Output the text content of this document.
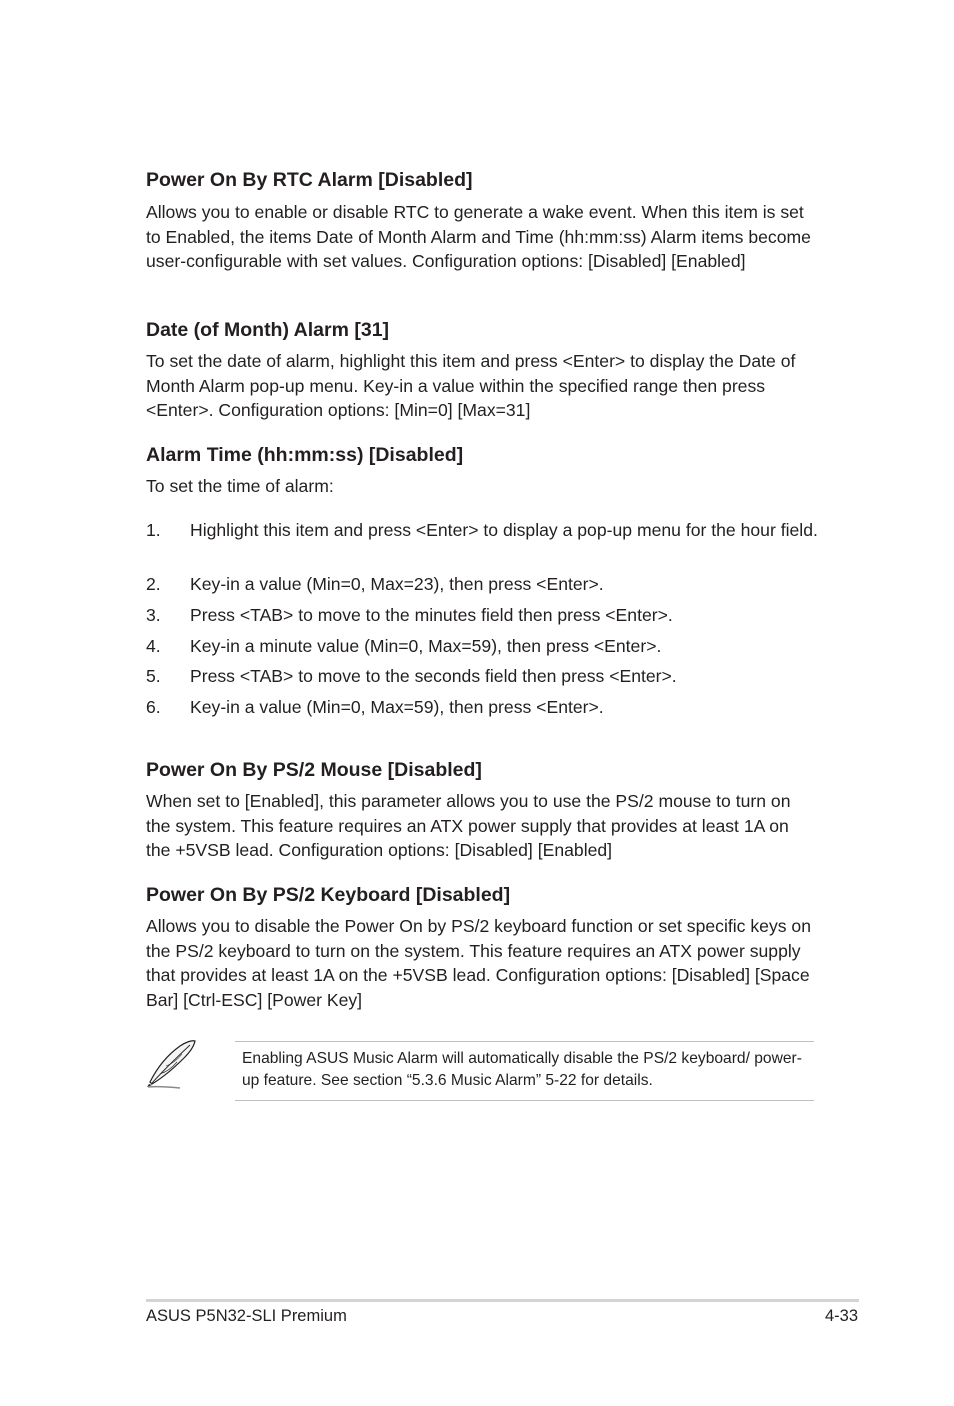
Power On By RTC Alarm [Disabled]

Allows you to enable or disable RTC to generate a wake event. When this item is set to Enabled, the items Date of Month Alarm and Time (hh:mm:ss) Alarm items become user-configurable with set values. Configuration options: [Disabled] [Enabled]

Date (of Month) Alarm [31]

To set the date of alarm, highlight this item and press <Enter> to display the Date of Month Alarm pop-up menu. Key-in a value within the specified range then press <Enter>. Configuration options: [Min=0] [Max=31]

Alarm Time (hh:mm:ss) [Disabled]

To set the time of alarm:

1. Highlight this item and press <Enter> to display a pop-up menu for the hour field.
2. Key-in a value (Min=0, Max=23), then press <Enter>.
3. Press <TAB> to move to the minutes field then press <Enter>.
4. Key-in a minute value (Min=0, Max=59), then press <Enter>.
5. Press <TAB> to move to the seconds field then press <Enter>.
6. Key-in a value (Min=0, Max=59), then press <Enter>.
Power On By PS/2 Mouse [Disabled]

When set to [Enabled], this parameter allows you to use the PS/2 mouse to turn on the system. This feature requires an ATX power supply that provides at least 1A on the +5VSB lead. Configuration options: [Disabled] [Enabled]

Power On By PS/2 Keyboard [Disabled]

Allows you to disable the Power On by PS/2 keyboard function or set specific keys on the PS/2 keyboard to turn on the system. This feature requires an ATX power supply that provides at least 1A on the +5VSB lead. Configuration options: [Disabled] [Space Bar] [Ctrl-ESC] [Power Key]

Enabling ASUS Music Alarm will automatically disable the PS/2 keyboard/ power-up feature. See section “5.3.6 Music Alarm” 5-22 for details.
ASUS P5N32-SLI Premium	4-33
